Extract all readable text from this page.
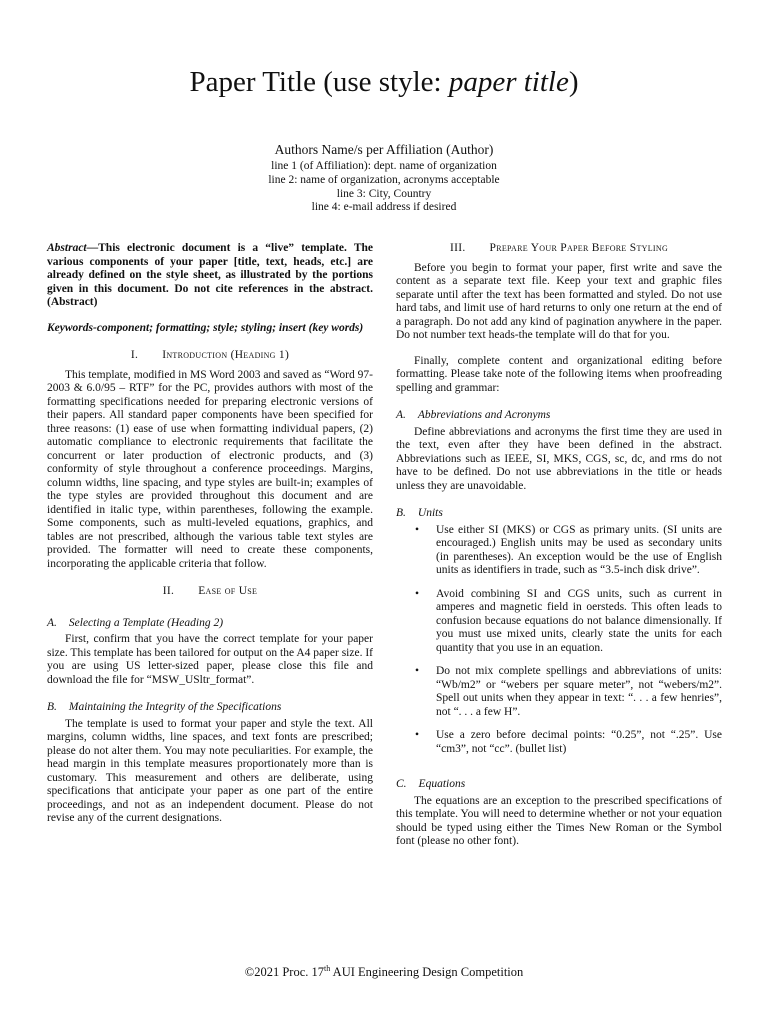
Paper Title (use style: paper title)
Authors Name/s per Affiliation (Author)
line 1 (of Affiliation): dept. name of organization
line 2: name of organization, acronyms acceptable
line 3: City, Country
line 4: e-mail address if desired

Abstract—This electronic document is a “live” template. The various components of your paper [title, text, heads, etc.] are already defined on the style sheet, as illustrated by the portions given in this document. Do not cite references in the abstract. (Abstract)

Keywords-component; formatting; style; styling; insert (key words)

I. Introduction (Heading 1)

This template, modified in MS Word 2003 and saved as “Word 97-2003 & 6.0/95 – RTF” for the PC, provides authors with most of the formatting specifications needed for preparing electronic versions of their papers. All standard paper components have been specified for three reasons: (1) ease of use when formatting individual papers, (2) automatic compliance to electronic requirements that facilitate the concurrent or later production of electronic products, and (3) conformity of style throughout a conference proceedings. Margins, column widths, line spacing, and type styles are built-in; examples of the type styles are provided throughout this document and are identified in italic type, within parentheses, following the example. Some components, such as multi-leveled equations, graphics, and tables are not prescribed, although the various table text styles are provided. The formatter will need to create these components, incorporating the applicable criteria that follow.

II. Ease of Use
A. Selecting a Template (Heading 2)

First, confirm that you have the correct template for your paper size. This template has been tailored for output on the A4 paper size. If you are using US letter-sized paper, please close this file and download the file for “MSW_USltr_format”.

B. Maintaining the Integrity of the Specifications

The template is used to format your paper and style the text. All margins, column widths, line spaces, and text fonts are prescribed; please do not alter them. You may note peculiarities. For example, the head margin in this template measures proportionately more than is customary. This measurement and others are deliberate, using specifications that anticipate your paper as one part of the entire proceedings, and not as an independent document. Please do not revise any of the current designations.

III. Prepare Your Paper Before Styling

Before you begin to format your paper, first write and save the content as a separate text file. Keep your text and graphic files separate until after the text has been formatted and styled. Do not use hard tabs, and limit use of hard returns to only one return at the end of a paragraph. Do not add any kind of pagination anywhere in the paper. Do not number text heads-the template will do that for you.

Finally, complete content and organizational editing before formatting. Please take note of the following items when proofreading spelling and grammar:

A. Abbreviations and Acronyms

Define abbreviations and acronyms the first time they are used in the text, even after they have been defined in the abstract. Abbreviations such as IEEE, SI, MKS, CGS, sc, dc, and rms do not have to be defined. Do not use abbreviations in the title or heads unless they are unavoidable.

B. Units
• Use either SI (MKS) or CGS as primary units. (SI units are encouraged.) English units may be used as secondary units (in parentheses). An exception would be the use of English units as identifiers in trade, such as “3.5-inch disk drive”.
• Avoid combining SI and CGS units, such as current in amperes and magnetic field in oersteds. This often leads to confusion because equations do not balance dimensionally. If you must use mixed units, clearly state the units for each quantity that you use in an equation.
• Do not mix complete spellings and abbreviations of units: “Wb/m2” or “webers per square meter”, not “webers/m2”. Spell out units when they appear in text: “. . . a few henries”, not “. . . a few H”.
• Use a zero before decimal points: “0.25”, not “.25”. Use “cm3”, not “cc”. (bullet list)
C. Equations

The equations are an exception to the prescribed specifications of this template. You will need to determine whether or not your equation should be typed using either the Times New Roman or the Symbol font (please no other font).

©2021 Proc. 17th AUI Engineering Design Competition
